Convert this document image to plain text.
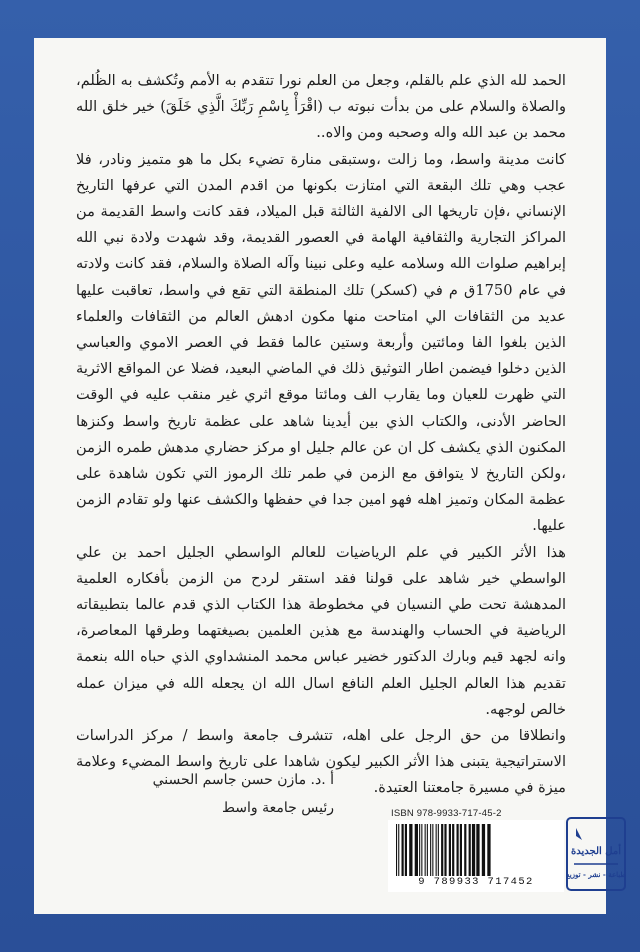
الحمد لله الذي علم بالقلم، وجعل من العلم نورا تتقدم به الأمم وتُكشف به الظُلم، والصلاة والسلام على من بدأت نبوته ب (اقْرَأْ بِاسْمِ رَبِّكَ الَّذِي خَلَقَ) خير خلق الله محمد بن عبد الله واله وصحبه ومن والاه..

كانت مدينة واسط، وما زالت ،وستبقى منارة تضيء بكل ما هو متميز ونادر، فلا عجب وهي تلك البقعة التي امتازت بكونها من اقدم المدن التي عرفها التاريخ الإنساني ،فإن تاريخها الى الالفية الثالثة قبل الميلاد، فقد كانت واسط القديمة من المراكز التجارية والثقافية الهامة في العصور القديمة، وقد شهدت ولادة نبي الله إبراهيم صلوات الله وسلامه عليه وعلى نبينا وآله الصلاة والسلام، فقد كانت ولادته في عام 1750ق م في (كسكر) تلك المنطقة التي تقع في واسط، تعاقبت عليها عديد من الثقافات الي امتاحت منها مكون ادهش العالم من الثقافات والعلماء الذين بلغوا الفا ومائتين وأربعة وستين عالما فقط في العصر الاموي والعباسي الذين دخلوا فيضمن اطار التوثيق ذلك في الماضي البعيد، فضلا عن المواقع الاثرية التي ظهرت للعيان وما يقارب الف ومائتا موقع اثري غير منقب عليه في الوقت الحاضر الأدنى، والكتاب الذي بين أيدينا شاهد على عظمة تاريخ واسط وكنزها المكنون الذي يكشف كل ان عن عالم جليل او مركز حضاري مدهش طمره الزمن ،ولكن التاريخ لا يتوافق مع الزمن في طمر تلك الرموز التي تكون شاهدة على عظمة المكان وتميز اهله فهو امين جدا في حفظها والكشف عنها ولو تقادم الزمن عليها.

هذا الأثر الكبير في علم الرياضيات للعالم الواسطي الجليل احمد بن علي الواسطي خير شاهد على قولنا فقد استقر لردح من الزمن بأفكاره العلمية المدهشة تحت طي النسيان في مخطوطة هذا الكتاب الذي قدم عالما بتطبيقاته الرياضية في الحساب والهندسة مع هذين العلمين بصيغتهما وطرقها المعاصرة، وانه لجهد قيم وبارك الدكتور خضير عباس محمد المنشداوي الذي حباه الله بنعمة تقديم هذا العالم الجليل العلم النافع اسال الله ان يجعله الله في ميزان عمله خالص لوجهه.

وانطلاقا من حق الرجل على اهله، تتشرف جامعة واسط / مركز الدراسات الاستراتيجية يتبنى هذا الأثر الكبير ليكون شاهدا على تاريخ واسط المضيء وعلامة ميزة في مسيرة جامعتنا العتيدة.

أ .د. مازن حسن جاسم الحسني
رئيس جامعة واسط	ISBN 978-9933-717-45-2
9 789933 717452
أمل الجديدة
طباعة - نشر - توزيع
